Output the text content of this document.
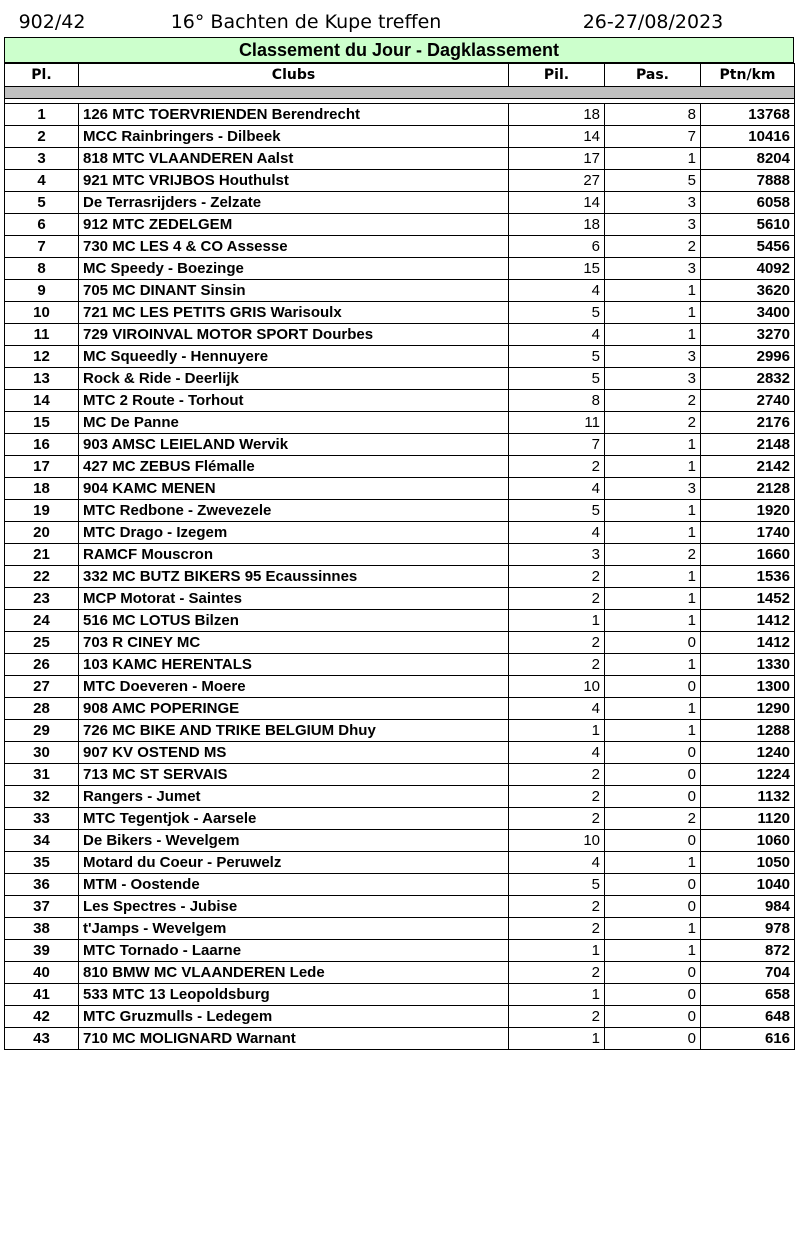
902/42	16° Bachten de Kupe treffen	26-27/08/2023
Classement du Jour - Dagklassement
Pl.	Clubs	Pil.	Pas.	Ptn/km

1	126 MTC TOERVRIENDEN Berendrecht	18	8	13768
2	MCC Rainbringers - Dilbeek	14	7	10416
3	818 MTC VLAANDEREN Aalst	17	1	8204
4	921 MTC VRIJBOS Houthulst	27	5	7888
5	De Terrasrijders - Zelzate	14	3	6058
6	912 MTC ZEDELGEM	18	3	5610
7	730 MC LES 4 & CO Assesse	6	2	5456
8	MC Speedy - Boezinge	15	3	4092
9	705 MC DINANT Sinsin	4	1	3620
10	721 MC LES PETITS GRIS Warisoulx	5	1	3400
11	729 VIROINVAL MOTOR SPORT Dourbes	4	1	3270
12	MC Squeedly - Hennuyere	5	3	2996
13	Rock & Ride - Deerlijk	5	3	2832
14	MTC 2 Route - Torhout	8	2	2740
15	MC De Panne	11	2	2176
16	903 AMSC LEIELAND Wervik	7	1	2148
17	427 MC ZEBUS Flémalle	2	1	2142
18	904 KAMC MENEN	4	3	2128
19	MTC Redbone - Zwevezele	5	1	1920
20	MTC Drago - Izegem	4	1	1740
21	RAMCF Mouscron	3	2	1660
22	332 MC BUTZ BIKERS 95 Ecaussinnes	2	1	1536
23	MCP Motorat - Saintes	2	1	1452
24	516 MC LOTUS Bilzen	1	1	1412
25	703 R CINEY MC	2	0	1412
26	103 KAMC HERENTALS	2	1	1330
27	MTC Doeveren - Moere	10	0	1300
28	908 AMC POPERINGE	4	1	1290
29	726 MC BIKE AND TRIKE BELGIUM Dhuy	1	1	1288
30	907 KV OSTEND MS	4	0	1240
31	713 MC ST SERVAIS	2	0	1224
32	Rangers - Jumet	2	0	1132
33	MTC Tegentjok - Aarsele	2	2	1120
34	De Bikers - Wevelgem	10	0	1060
35	Motard du Coeur - Peruwelz	4	1	1050
36	MTM - Oostende	5	0	1040
37	Les Spectres - Jubise	2	0	984
38	t'Jamps - Wevelgem	2	1	978
39	MTC Tornado - Laarne	1	1	872
40	810 BMW MC VLAANDEREN Lede	2	0	704
41	533 MTC 13 Leopoldsburg	1	0	658
42	MTC Gruzmulls - Ledegem	2	0	648
43	710 MC MOLIGNARD Warnant	1	0	616
